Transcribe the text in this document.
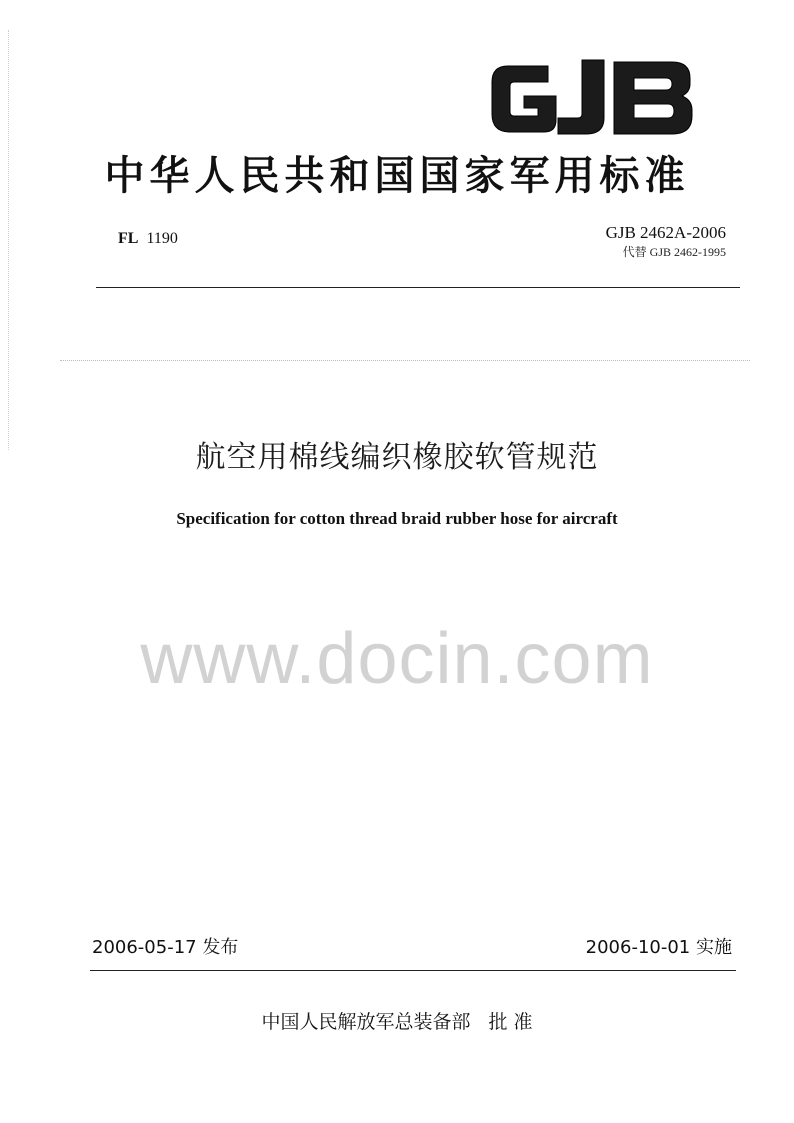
中华人民共和国国家军用标准
FL 1190	GJB 2462A-2006
代替 GJB 2462-1995
航空用棉线编织橡胶软管规范
Specification for cotton thread braid rubber hose for aircraft
www.docin.com
2006-05-17 发布	2006-10-01 实施
中国人民解放军总装备部 批 准
